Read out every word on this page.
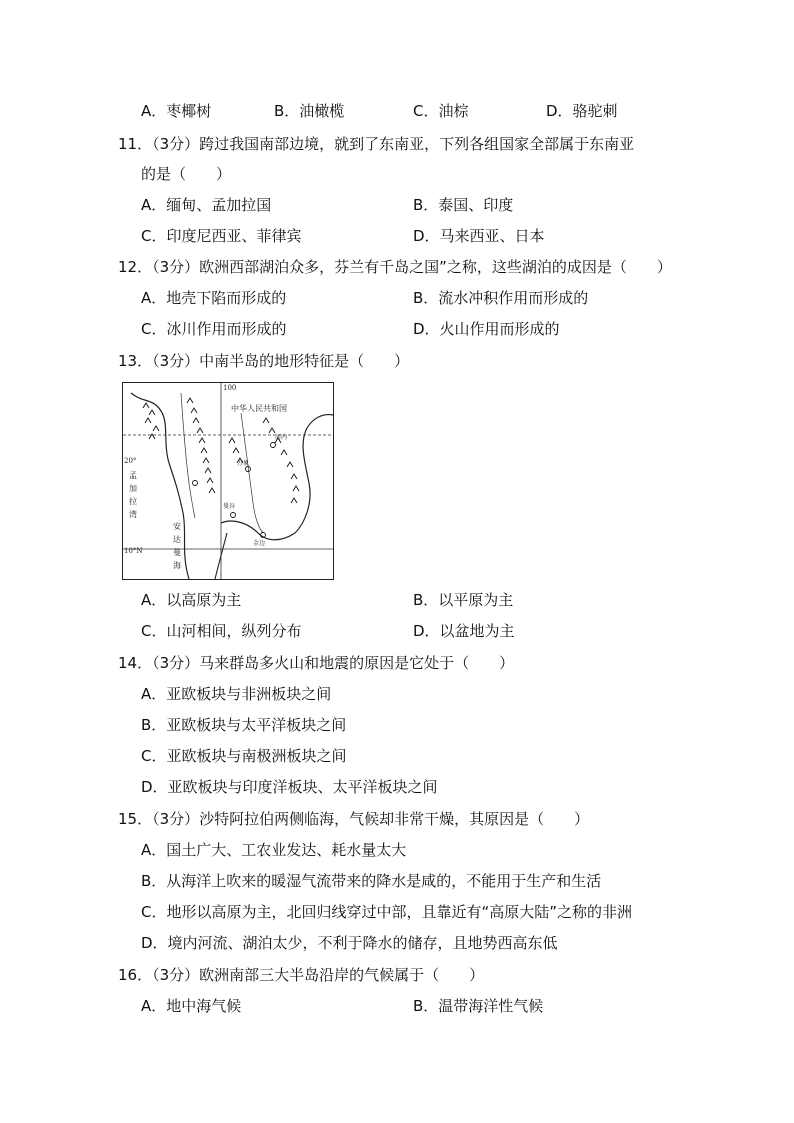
A．枣椰树	B．油橄榄	C．油棕	D．骆驼刺
11．（3分）跨过我国南部边境，就到了东南亚，下列各组国家全部属于东南亚
的是（　　）
A．缅甸、孟加拉国	B．泰国、印度
C．印度尼西亚、菲律宾	D．马来西亚、日本
12．（3分）欧洲西部湖泊众多，芬兰有千岛之国”之称，这些湖泊的成因是（　　）
A．地壳下陷而形成的	B．流水冲积作用而形成的
C．冰川作用而形成的	D．火山作用而形成的
13．（3分）中南半岛的地形特征是（　　）
100
中华人民共和国
20°
10°N
孟
加
拉
湾
安
达
曼
海
曼谷
河内
万象
金边
A．以高原为主	B．以平原为主
C．山河相间，纵列分布	D．以盆地为主
14．（3分）马来群岛多火山和地震的原因是它处于（　　）
A．亚欧板块与非洲板块之间
B．亚欧板块与太平洋板块之间
C．亚欧板块与南极洲板块之间
D．亚欧板块与印度洋板块、太平洋板块之间
15．（3分）沙特阿拉伯两侧临海，气候却非常干燥，其原因是（　　）
A．国土广大、工农业发达、耗水量太大
B．从海洋上吹来的暖湿气流带来的降水是咸的，不能用于生产和生活
C．地形以高原为主，北回归线穿过中部，且靠近有“高原大陆”之称的非洲
D．境内河流、湖泊太少，不利于降水的储存，且地势西高东低
16．（3分）欧洲南部三大半岛沿岸的气候属于（　　）
A．地中海气候	B．温带海洋性气候
